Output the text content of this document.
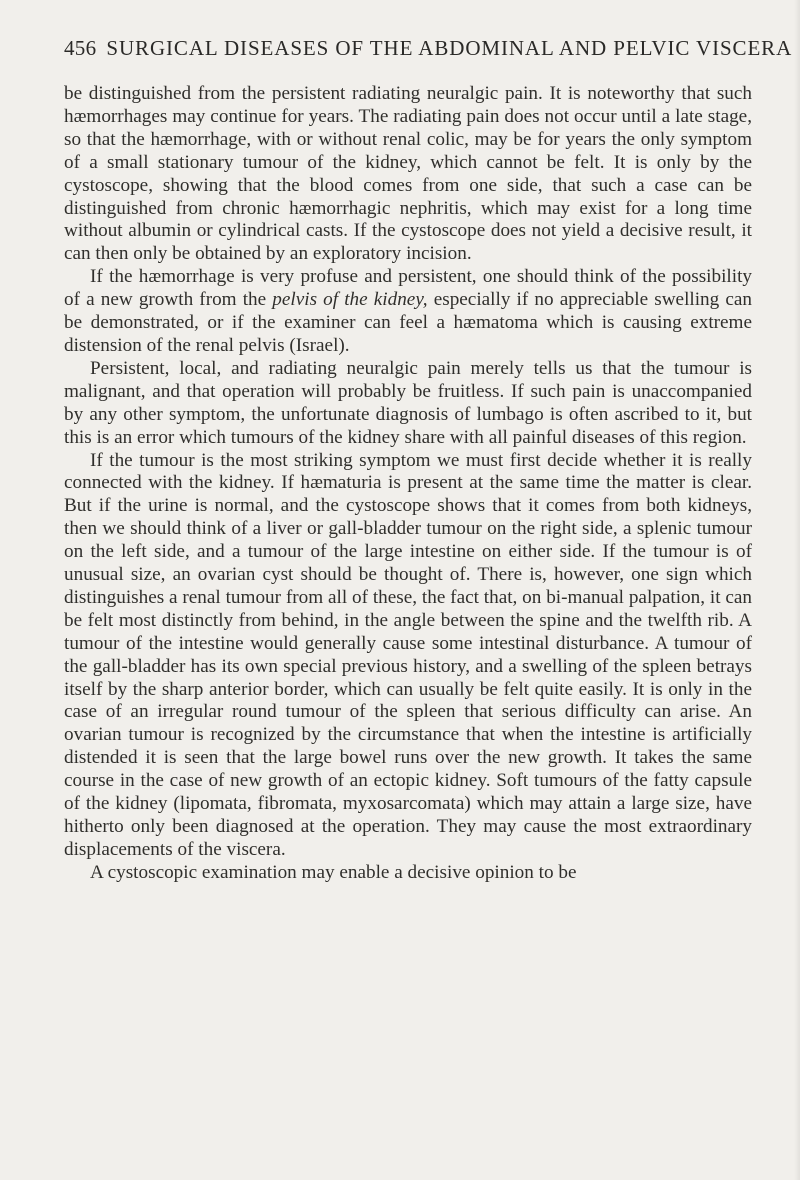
456 SURGICAL DISEASES OF THE ABDOMINAL AND PELVIC VISCERA

be distinguished from the persistent radiating neuralgic pain. It is noteworthy that such hæmorrhages may continue for years. The radiating pain does not occur until a late stage, so that the hæmorrhage, with or without renal colic, may be for years the only symptom of a small stationary tumour of the kidney, which cannot be felt. It is only by the cystoscope, showing that the blood comes from one side, that such a case can be distinguished from chronic hæmorrhagic nephritis, which may exist for a long time without albumin or cylindrical casts. If the cystoscope does not yield a decisive result, it can then only be obtained by an exploratory incision.

If the hæmorrhage is very profuse and persistent, one should think of the possibility of a new growth from the pelvis of the kidney, especially if no appreciable swelling can be demonstrated, or if the examiner can feel a hæmatoma which is causing extreme distension of the renal pelvis (Israel).

Persistent, local, and radiating neuralgic pain merely tells us that the tumour is malignant, and that operation will probably be fruitless. If such pain is unaccompanied by any other symptom, the unfortunate diagnosis of lumbago is often ascribed to it, but this is an error which tumours of the kidney share with all painful diseases of this region.

If the tumour is the most striking symptom we must first decide whether it is really connected with the kidney. If hæmaturia is present at the same time the matter is clear. But if the urine is normal, and the cystoscope shows that it comes from both kidneys, then we should think of a liver or gall-bladder tumour on the right side, a splenic tumour on the left side, and a tumour of the large intestine on either side. If the tumour is of unusual size, an ovarian cyst should be thought of. There is, however, one sign which distinguishes a renal tumour from all of these, the fact that, on bi-manual palpation, it can be felt most distinctly from behind, in the angle between the spine and the twelfth rib. A tumour of the intestine would generally cause some intestinal disturbance. A tumour of the gall-bladder has its own special previous history, and a swelling of the spleen betrays itself by the sharp anterior border, which can usually be felt quite easily. It is only in the case of an irregular round tumour of the spleen that serious difficulty can arise. An ovarian tumour is recognized by the circumstance that when the intestine is artificially distended it is seen that the large bowel runs over the new growth. It takes the same course in the case of new growth of an ectopic kidney. Soft tumours of the fatty capsule of the kidney (lipomata, fibromata, myxosarcomata) which may attain a large size, have hitherto only been diagnosed at the operation. They may cause the most extraordinary displacements of the viscera.

A cystoscopic examination may enable a decisive opinion to be
